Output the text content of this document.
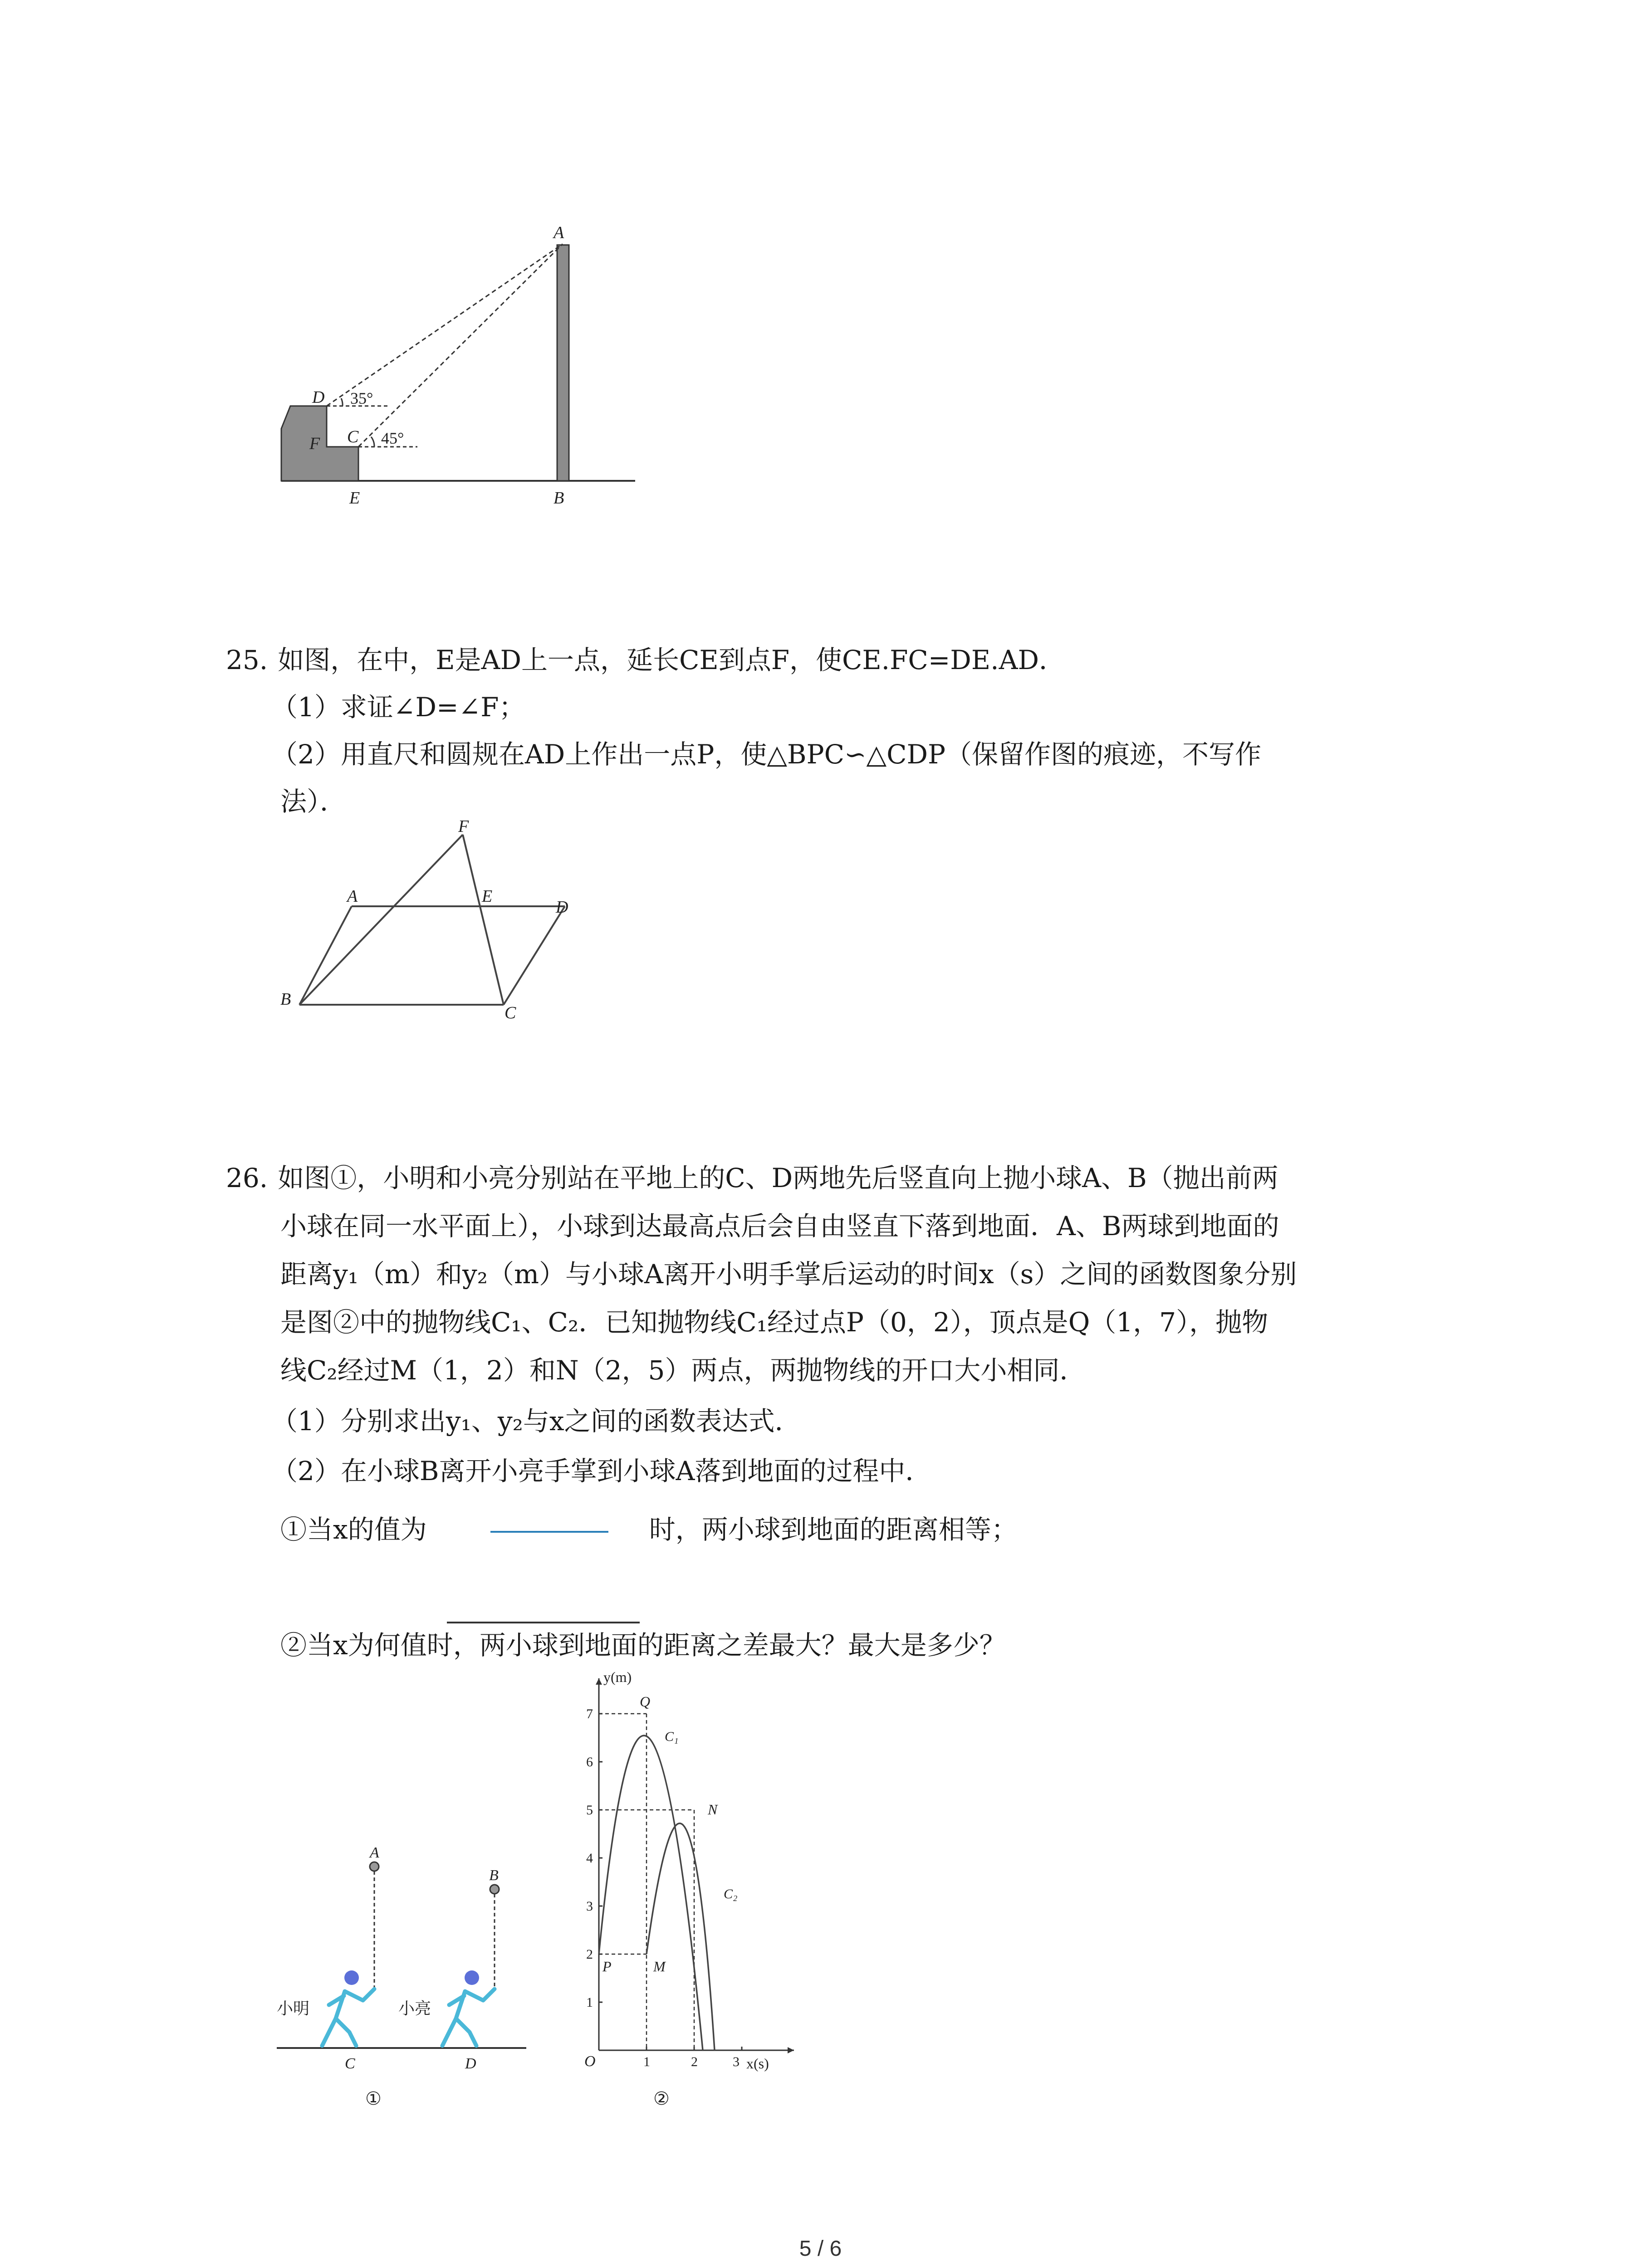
A
B
C
D
E
F
35°
45°
25. 如图，在中，E是AD上一点，延长CE到点F，使CE.FC=DE.AD．
（1）求证∠D=∠F；
（2）用直尺和圆规在AD上作出一点P，使△BPC∽△CDP（保留作图的痕迹，不写作
法）．
F
A	E
D
B
C
26. 如图①，小明和小亮分别站在平地上的C、D两地先后竖直向上抛小球A、B（抛出前两
小球在同一水平面上），小球到达最高点后会自由竖直下落到地面．A、B两球到地面的
距离y₁（m）和y₂（m）与小球A离开小明手掌后运动的时间x（s）之间的函数图象分别
是图②中的抛物线C₁、C₂．已知抛物线C₁经过点P（0，2），顶点是Q（1，7），抛物
线C₂经过M（1，2）和N（2，5）两点，两抛物线的开口大小相同．
（1）分别求出y₁、y₂与x之间的函数表达式．
（2）在小球B离开小亮手掌到小球A落到地面的过程中．
①当x的值为	时，两小球到地面的距离相等；
②当x为何值时，两小球到地面的距离之差最大？最大是多少？
A
B
小明
C
小亮
D
①
y(m)
x(s)
O
1
2
3
4
5
6
7
1	2	3
Q
C₁
N
C₂
P	M
②
5 / 6
